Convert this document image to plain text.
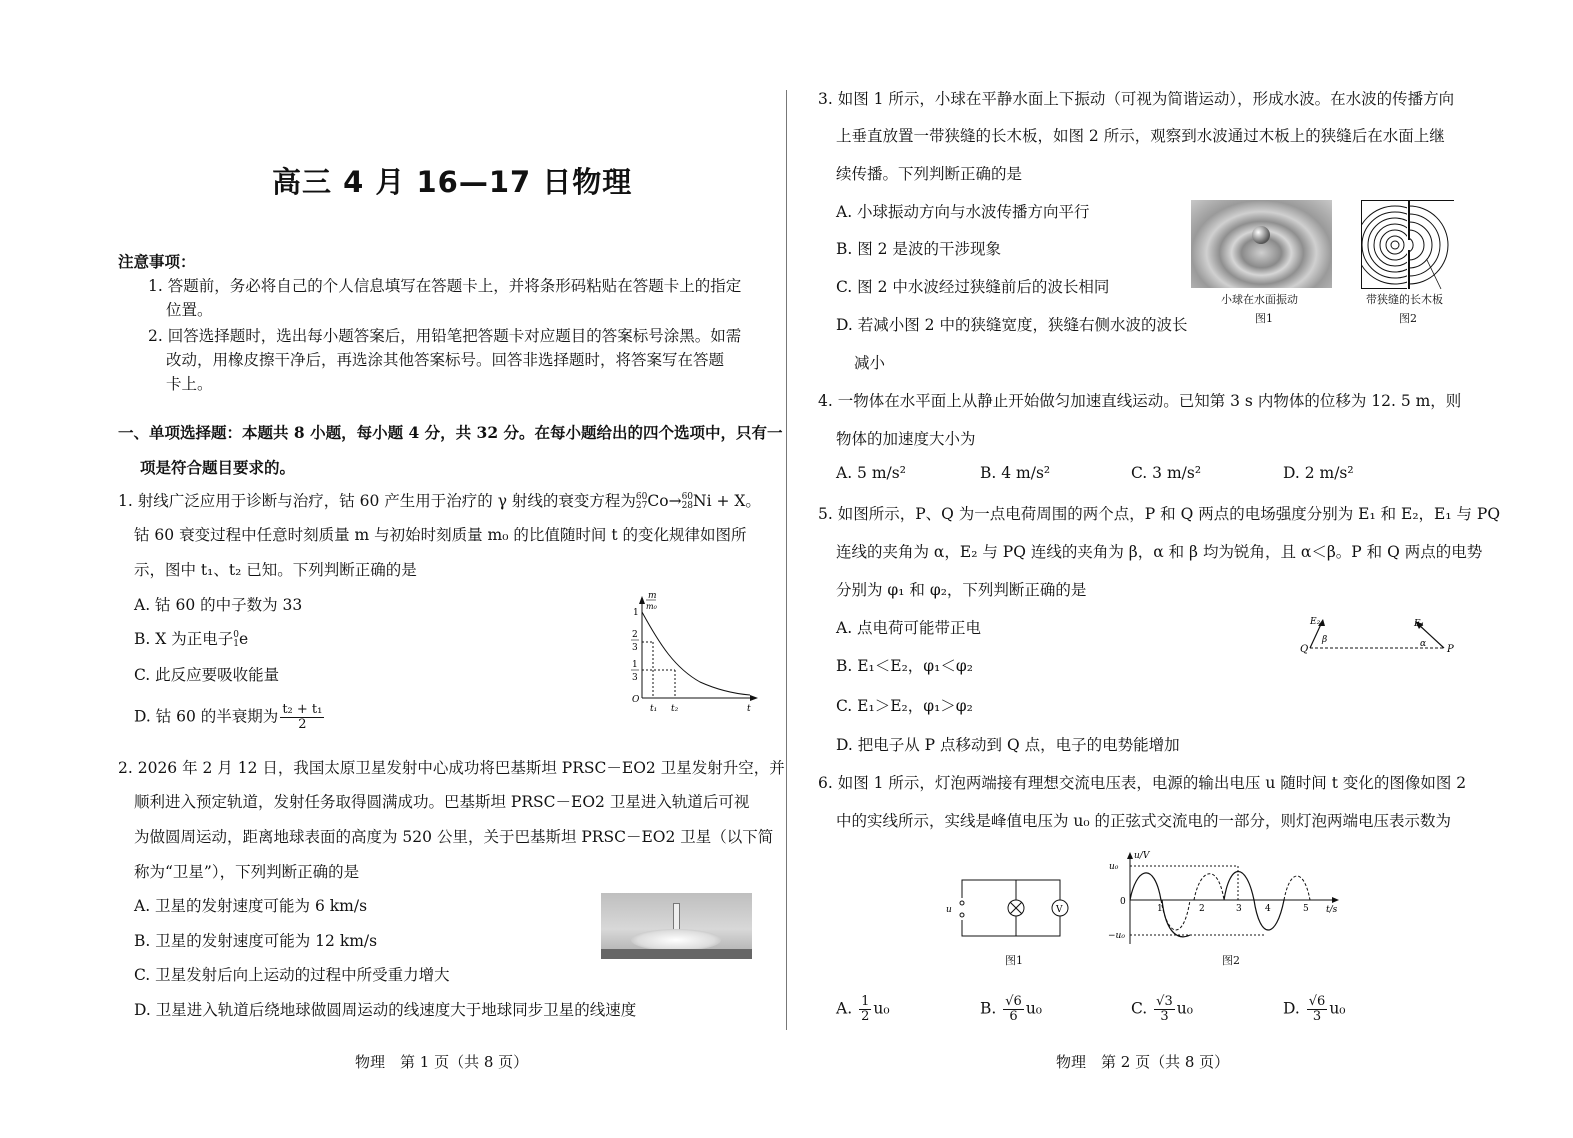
高三 4 月 16—17 日物理
注意事项：
1. 答题前，务必将自己的个人信息填写在答题卡上，并将条形码粘贴在答题卡上的指定
位置。
2. 回答选择题时，选出每小题答案后，用铅笔把答题卡对应题目的答案标号涂黑。如需
改动，用橡皮擦干净后，再选涂其他答案标号。回答非选择题时，将答案写在答题
卡上。
一、单项选择题：本题共 8 小题，每小题 4 分，共 32 分。在每小题给出的四个选项中，只有一
项是符合题目要求的。
1. 射线广泛应用于诊断与治疗，钴 60 产生用于治疗的 γ 射线的衰变方程为 60
27 Co→ 60
28 Ni + X。
钴 60 衰变过程中任意时刻质量 m 与初始时刻质量 m₀ 的比值随时间 t 的变化规律如图所
示，图中 t₁、t₂ 已知。下列判断正确的是
A. 钴 60 的中子数为 33
B. X 为正电子 0
1 e
C. 此反应要吸收能量
D. 钴 60 的半衰期为 $\frac{\text{t₂ + t₁}}{2}$
m
m₀
1
2
3
1
3
O
t₁ t₂	t
2. 2026 年 2 月 12 日，我国太原卫星发射中心成功将巴基斯坦 PRSC－EO2 卫星发射升空，并
顺利进入预定轨道，发射任务取得圆满成功。巴基斯坦 PRSC－EO2 卫星进入轨道后可视
为做圆周运动，距离地球表面的高度为 520 公里，关于巴基斯坦 PRSC－EO2 卫星（以下简
称为“卫星”），下列判断正确的是
A. 卫星的发射速度可能为 6 km/s
B. 卫星的发射速度可能为 12 km/s
C. 卫星发射后向上运动的过程中所受重力增大
D. 卫星进入轨道后绕地球做圆周运动的线速度大于地球同步卫星的线速度
物理　第 1 页（共 8 页）
3. 如图 1 所示，小球在平静水面上下振动（可视为简谐运动），形成水波。在水波的传播方向
上垂直放置一带狭缝的长木板，如图 2 所示，观察到水波通过木板上的狭缝后在水面上继
续传播。下列判断正确的是
A. 小球振动方向与水波传播方向平行
B. 图 2 是波的干涉现象
C. 图 2 中水波经过狭缝前后的波长相同
D. 若减小图 2 中的狭缝宽度，狭缝右侧水波的波长
减小
小球在水面振动
图1
带狭缝的长木板
图2
4. 一物体在水平面上从静止开始做匀加速直线运动。已知第 3 s 内物体的位移为 12. 5 m，则
物体的加速度大小为
A. 5 m/s²	B. 4 m/s²	C. 3 m/s²	D. 2 m/s²
5. 如图所示，P、Q 为一点电荷周围的两个点，P 和 Q 两点的电场强度分别为 E₁ 和 E₂，E₁ 与 PQ
连线的夹角为 α，E₂ 与 PQ 连线的夹角为 β，α 和 β 均为锐角，且 α＜β。P 和 Q 两点的电势
分别为 φ₁ 和 φ₂，下列判断正确的是
A. 点电荷可能带正电
B. E₁＜E₂，φ₁＜φ₂
C. E₁＞E₂，φ₁＞φ₂
D. 把电子从 P 点移动到 Q 点，电子的电势能增加
E₂
β
Q
E₁
α P
6. 如图 1 所示，灯泡两端接有理想交流电压表，电源的输出电压 u 随时间 t 变化的图像如图 2
中的实线所示，实线是峰值电压为 u₀ 的正弦式交流电的一部分，则灯泡两端电压表示数为
u	V
图1
u₀
−u₀
0
u/V
t/s
1	2	3	4	5
图2
A. $\frac{1}{2} u_0$	B. $\frac{√6}{6} u_0$	C. $\frac{√3}{3} u_0$	D. $\frac{√6}{3} u_0$
物理　第 2 页（共 8 页）
